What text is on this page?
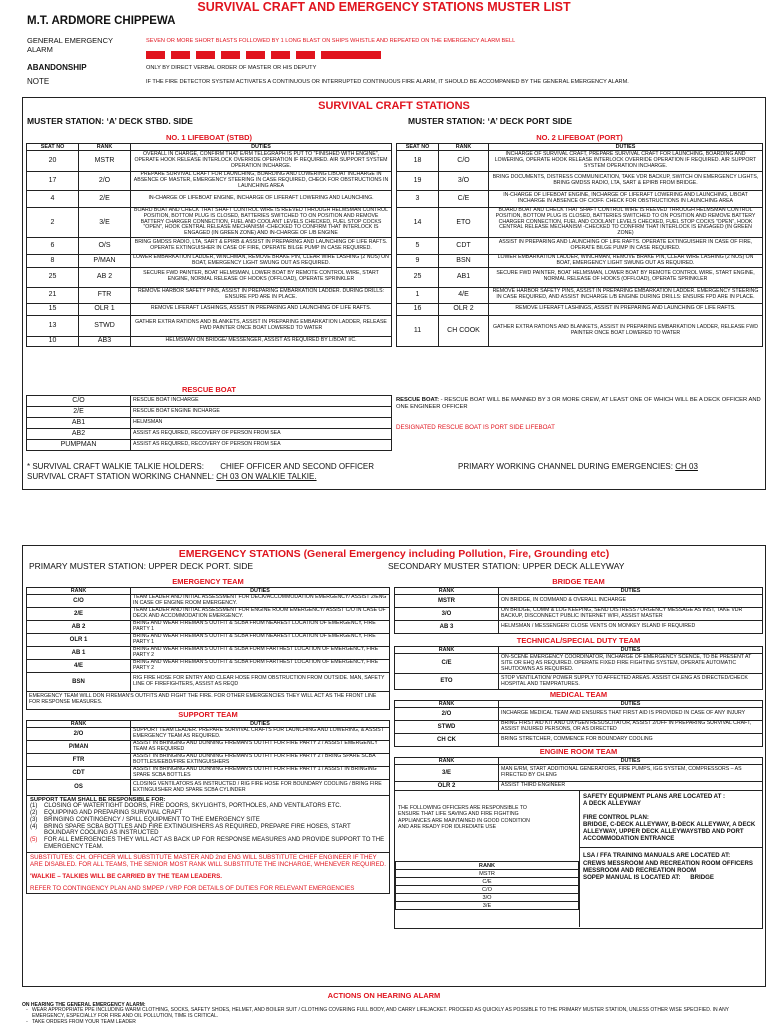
SURVIVAL CRAFT AND EMERGENCY STATIONS MUSTER LIST
M.T. ARDMORE CHIPPEWA
GENERAL EMERGENCY ALARM
SEVEN OR MORE SHORT BLASTS FOLLOWED BY 1 LONG BLAST ON SHIPS WHISTLE AND REPEATED ON THE EMERGENCY ALARM BELL
ABANDONSHIP	ONLY BY DIRECT VERBAL ORDER OF MASTER OR HIS DEPUTY
NOTE	IF THE FIRE DETECTOR SYSTEM ACTIVATES A CONTINUOUS OR INTERRUPTED CONTINUOUS FIRE ALARM, IT SHOULD BE ACCOMPANIED BY THE GENERAL EMERGENCY ALARM.
SURVIVAL CRAFT STATIONS
MUSTER STATION: ‘A’ DECK STBD. SIDE	MUSTER STATION: ‘A’ DECK PORT SIDE
NO. 1 LIFEBOAT (STBD)
SEAT NO	RANK	DUTIES
20	MSTR	OVERALL IN CHARGE, CONFIRM THAT E/RM TELEGRAPH IS PUT TO "FINISHED WITH ENGINE", OPERATE HOOK RELEASE INTERLOCK OVERRIDE OPERATION IF REQUIRED. AIR SUPPORT SYSTEM OPERATION INCHARGE.
17	2/O	PREPARE SURVIVAL CRAFT FOR LAUNCHING, BOARDING AND LOWERING L/BOAT INCHARGE IN ABSENCE OF MASTER, EMERGENCY STEERING IN CASE REQUIRED, CHECK FOR OBSTRUCTIONS IN LAUNCHING AREA
4	2/E	IN-CHARGE OF LIFEBOAT ENGINE, INCHARGE OF LIFERAFT LOWERING AND LAUNCHING.
2	3/E	BOARD BOAT AND CHECK THAT SHAFT CONTROL WIRE IS REEVED THROUGH HELMSMAN CONTROL POSITION, BOTTOM PLUG IS CLOSED, BATTERIES SWITCHED TO ON POSITION AND REMOVE BATTERY CHARGER CONNECTION, FUEL AND COOLANT LEVELS CHECKED, FUEL STOP COCKS "OPEN", HOOK CENTRAL RELEASE MECHANISM -CHECKED TO CONFIRM THAT INTERLOCK IS ENGAGED (IN GREEN ZONE) AND IN-CHARGE OF L/B ENGINE
6	O/S	BRING GMDSS RADIO, LTA, SART & EPIRB & ASSIST IN PREPARING AND LAUNCHING OF LIFE RAFTS. OPERATE EXTINGUISHER IN CASE OF FIRE, OPERATE BILGE PUMP IN CASE REQUIRED.
8	P/MAN	LOWER EMBARKATION LADDER, WINCHMAN, REMOVE BRAKE PIN, CLEAR WIRE LASHING (2 NOS) ON BOAT, EMERGENCY LIGHT SWUNG OUT AS REQUIRED.
25	AB 2	SECURE FWD PAINTER, BOAT HELMSMAN, LOWER BOAT BY REMOTE CONTROL WIRE, START ENGINE, NORMAL RELEASE OF HOOKS (OFFLOAD), OPERATE SPRINKLER
21	FTR	REMOVE HARBOR SAFETY PINS, ASSIST IN PREPARING EMBARKATION LADDER. DURING DRILLS: ENSURE FPD ARE IN PLACE.
15	OLR 1	REMOVE LIFERAFT LASHINGS, ASSIST IN PREPARING AND LAUNCHING OF LIFE RAFTS.
13	STWD	GATHER EXTRA RATIONS AND BLANKETS, ASSIST IN PREPARING EMBARKATION LADDER, RELEASE FWD PAINTER ONCE BOAT LOWERED TO WATER
10	AB3	HELMSMAN ON BRIDGE/ MESSENGER, ASSIST AS REQUIRED BY L/BOAT I/C.
NO. 2 LIFEBOAT (PORT)
SEAT NO	RANK	DUTIES
18	C/O	INCHARGE OF SURVIVAL CRAFT, PREPARE SURVIVAL CRAFT FOR LAUNCHING, BOARDING AND LOWERING, OPERATE HOOK RELEASE INTERLOCK OVERRIDE OPERATION IF REQUIRED. AIR SUPPORT SYSTEM OPERATION INCHARGE.
19	3/O	BRING DOCUMENTS, DISTRESS COMMUNICATION, TAKE VDR BACKUP, SWITCH ON EMERGENCY LIGHTS, BRING GMDSS RADIO, LTA, SART & EPIRB FROM BRIDGE.
3	C/E	IN-CHARGE OF LIFEBOAT ENGINE, INCHARGE OF LIFERAFT LOWERING AND LAUNCHING, L/BOAT INCHARGE IN ABSENCE OF C/OFF. CHECK FOR OBSTRUCTIONS IN LAUNCHING AREA
14	ETO	BOARD BOAT AND CHECK THAT SHAFT CONTROL WIRE IS REEVED THROUGH HELMSMAN CONTROL POSITION, BOTTOM PLUG IS CLOSED, BATTERIES SWITCHED TO ON POSITION AND REMOVE BATTERY CHARGER CONNECTION, FUEL AND COOLANT LEVELS CHECKED, FUEL STOP COCKS "OPEN", HOOK CENTRAL RELEASE MECHANISM -CHECKED TO CONFIRM THAT INTERLOCK IS ENGAGED (IN GREEN ZONE)
5	CDT	ASSIST IN PREPARING AND LAUNCHING OF LIFE RAFTS. OPERATE EXTINGUISHER IN CASE OF FIRE, OPERATE BILGE PUMP IN CASE REQUIRED.
9	BSN	LOWER EMBARKATION LADDER, WINCHMAN, REMOVE BRAKE PIN, CLEAR WIRE LASHING (2 NOS) ON BOAT, EMERGENCY LIGHT SWUNG OUT AS REQUIRED.
25	AB1	SECURE FWD PAINTER, BOAT HELMSMAN, LOWER BOAT BY REMOTE CONTROL WIRE, START ENGINE, NORMAL RELEASE OF HOOKS (OFFLOAD), OPERATE SPRINKLER
1	4/E	REMOVE HARBOR SAFETY PINS, ASSIST IN PREPARING EMBARKATION LADDER. EMERGENCY STEERING IN CASE REQUIRED, AND ASSIST INCHARGE L/B ENGINE DURING DRILLS: ENSURE FPD ARE IN PLACE.
16	OLR 2	REMOVE LIFERAFT LASHINGS, ASSIST IN PREPARING AND LAUNCHING OF LIFE RAFTS.
11	CH COOK	GATHER EXTRA RATIONS AND BLANKETS, ASSIST IN PREPARING EMBARKATION LADDER, RELEASE FWD PAINTER ONCE BOAT LOWERED TO WATER
RESCUE BOAT
C/O	RESCUE BOAT INCHARGE
2/E	RESCUE BOAT ENGINE INCHARGE
AB1	HELMSMAN
AB2	ASSIST AS REQUIRED, RECOVERY OF PERSON FROM SEA
PUMPMAN	ASSIST AS REQUIRED, RECOVERY OF PERSON FROM SEA
RESCUE BOAT: - RESCUE BOAT WILL BE MANNED BY 3 OR MORE CREW, AT LEAST ONE OF WHICH WILL BE A DECK OFFICER AND ONE ENGINEER OFFICER
DESIGNATED RESCUE BOAT IS PORT SIDE LIFEBOAT
* SURVIVAL CRAFT WALKIE TALKIE HOLDERS: CHIEF OFFICER AND SECOND OFFICER
SURVIVAL CRAFT STATION WORKING CHANNEL: CH 03 ON WALKIE TALKIE.
PRIMARY WORKING CHANNEL DURING EMERGENCIES: CH 03
EMERGENCY STATIONS (General Emergency including Pollution, Fire, Grounding etc)
PRIMARY MUSTER STATION: UPPER DECK PORT. SIDE	SECONDARY MUSTER STATION: UPPER DECK ALLEYWAY
EMERGENCY TEAM
RANK	DUTIES
C/O	TEAM LEADER AND INITIAL ASSESSMENT FOR DECK/ACCOMMODATION EMERGENCY/ ASSIST 2/ENG IN CASE OF ENGINE ROOM EMERGENCY.
2/E	TEAM LEADER AND INITIAL ASSESSMENT FOR ENGINE ROOM EMERGENCY/ ASSIST C/O IN CASE OF DECK AND ACCOMMODATION EMERGENCY.
AB 2	BRING AND WEAR FIREMAN'S OUTFIT & SCBA FROM NEAREST LOCATION OF EMERGENCY, FIRE PARTY 1
OLR 1	BRING AND WEAR FIREMAN'S OUTFIT & SCBA FROM NEAREST LOCATION OF EMERGENCY, FIRE PARTY 1
AB 1	BRING AND WEAR FIREMAN'S OUTFIT & SCBA FORM FARTHEST LOCATION OF EMERGENCY, FIRE PARTY 2
4/E	BRING AND WEAR FIREMAN'S OUTFIT & SCBA FORM FARTHEST LOCATION OF EMERGENCY, FIRE PARTY 2
BSN	RIG FIRE HOSE FOR ENTRY AND CLEAR HOSE FROM OBSTRUCTION FROM OUTSIDE. MAN, SAFETY LINE OF FIREFIGHTERS, ASSIST AS REQD
EMERGENCY TEAM WILL DON FIREMAN'S OUTFITS AND FIGHT THE FIRE. FOR OTHER EMERGENCIES THEY WILL ACT AS THE FRONT LINE FOR RESPONSE MEASURES.
SUPPORT TEAM
RANK	DUTIES
2/O	SUPPORT TEAM LEADER. PREPARE SURVIVAL CRAFTS FOR LAUNCHING AND LOWERING, & ASSIST EMERGENCY TEAM AS REQUIRED.
P/MAN	ASSIST IN BRINGING AND DONNING FIREMAN'S OUTFIT FOR FIRE PARTY 2 / ASSIST EMERGENCY TEAM AS REQUIRED
FTR	ASSIST IN BRINGING AND DONNING FIREMAN'S OUTFIT FOR FIRE PARTY 2 / BRING SPARE SCBA BOTTLES/EEBD/FIRE EXTINGUISHERS
CDT	ASSIST IN BRINGING AND DONNING FIREMAN'S OUTFIT FOR FIRE PARTY 1 / ASSIST IN BRINGING SPARE SCBA BOTTLES
OS	CLOSING VENTILATORS AS INSTRUCTED / RIG FIRE HOSE FOR BOUNDARY COOLING / BRING FIRE EXTINGUISHER AND SPARE SCBA CYLINDER
SUPPORT TEAM SHALL BE RESPONSIBLE FOR:
(1)	CLOSING OF WATERTIGHT DOORS, FIRE DOORS, SKYLIGHTS, PORTHOLES, AND VENTILATORS ETC.
(2)	EQUIPPING AND PREPARING SURVIVAL CRAFT
(3)	BRINGING CONTINGENCY / SPILL EQUIPMENT TO THE EMERGENCY SITE
(4)	BRING SPARE SCBA BOTTLES AND FIRE EXTINGUISHERS AS REQUIRED, PREPARE FIRE HOSES, START BOUNDARY COOLING AS INSTRUCTED
(5)	FOR ALL EMERGENCIES THEY WILL ACT AS BACK UP FOR RESPONSE MEASURES AND PROVIDE SUPPORT TO THE EMERGENCY TEAM.
SUBSTITUTES: CH. OFFICER WILL SUBSTITUTE MASTER AND 2nd ENG WILL SUBSTITUTE CHIEF ENGINEER IF THEY ARE DISABLED. FOR ALL TEAMS, THE SENIOR MOST RANK WILL SUBSTITUTE THE INCHARGE, WHENEVER REQUIRED.
'WALKIE – TALKIES WILL BE CARRIED BY THE TEAM LEADERS.
REFER TO CONTINGENCY PLAN AND SMPEP / VRP FOR DETAILS OF DUTIES FOR RELEVANT EMERGENCIES
BRIDGE TEAM
RANK	DUTIES
MSTR	ON BRIDGE, IN COMMAND & OVERALL INCHARGE
3/O	ON BRIDGE, COMM & LOG KEEPING, SEND DISTRESS / URGENCY MESSAGE AS INST, TAKE VDR BACKUP, DISCONNECT PUBLIC INTERNET WIFI, ASSIST MASTER
AB 3	HELMSMAN / MESSENGER/ CLOSE VENTS ON MONKEY ISLAND IF REQUIRED
TECHNICAL/SPECIAL DUTY TEAM
RANK	DUTIES
C/E	ON-SCENE EMERGENCY COORDINATOR, INCHARGE OF EMERGENCY SCENCE, TO BE PRESENT AT SITE OR EHQ AS REQUIRED. OPERATE FIXED FIRE FIGHTING SYSTEM, OPERATE AUTOMATIC SHUTDOWNS AS REQUIRED.
ETO	STOP VENTILATION/ POWER SUPPLY TO AFFECTED AREAS. ASSIST CH.ENG AS DIRECTED/CHECK HOSPITAL AND TEMPRATURES.
MEDICAL TEAM
RANK	DUTIES
2/O	INCHARGE MEDICAL TEAM AND ENSURES THAT FIRST AID IS PROVIDED IN CASE OF ANY INJURY
STWD	BRING FIRST AID KIT AND OXYGEN RESUSCITATOR, ASSIST 2/OFF IN PREPARING SURVIVAL CRAFT, ASSIST INJURED PERSONS, OR AS DIRECTED
CH CK	BRING STRETCHER, COMMENCE FOR BOUNDARY COOLING
ENGINE ROOM TEAM
RANK	DUTIES
3/E	MAN E/RM, START ADDITIONAL GENERATORS, FIRE PUMPS, IGG SYSTEM, COMPRESSORS – AS FIRECTED BY CH.ENG
OLR 2	ASSIST THIRD ENGINEER
THE FOLLOWING OFFICERS ARE RESPONSIBLE TO ENSURE THAT LIFE SAVING AND FIRE FIGHTING APPLIANCES ARE MAINTAINED IN GOOD CONDITION AND ARE READY FOR IDLREDIATE USE
RANK
MSTR
C/E
C/O
3/O
3/E
SAFETY EQUIPMENT PLANS ARE LOCATED AT :
A DECK ALLEYWAY
FIRE CONTROL PLAN:
BRIDGE, C-DECK ALLEYWAY, B-DECK ALLEYWAY, A DECK ALLEYWAY, UPPER DECK ALLEYWAYSTBD AND PORT ACCOMMODATION ENTRANCE
LSA / FFA TRAINING MANUALS ARE LOCATED AT:
CREWS MESSROOM AND RECREATION ROOM OFFICERS MESSROOM AND RECREATION ROOM
SOPEP MANUAL IS LOCATED AT: BRIDGE
ACTIONS ON HEARING ALARM
ON HEARING THE GENERAL EMERGENCY ALARM:
- WEAR APPROPRIATE PPE INCLUDING WARM CLOTHING, SOCKS, SAFETY SHOES, HELMET, AND BOILER SUIT / CLOTHING COVERING FULL BODY, AND CARRY LIFEJACKET. PROCEED AS QUICKLY AS POSSIBLE TO THE PRIMARY MUSTER STATION, UNLESS OTHER WISE SPECIFIED. IN ANY EMERGENCY, ESPECIALLY FOR FIRE AND OIL POLLUTION, TIME IS CRITICAL.
- TAKE ORDERS FROM YOUR TEAM LEADER
